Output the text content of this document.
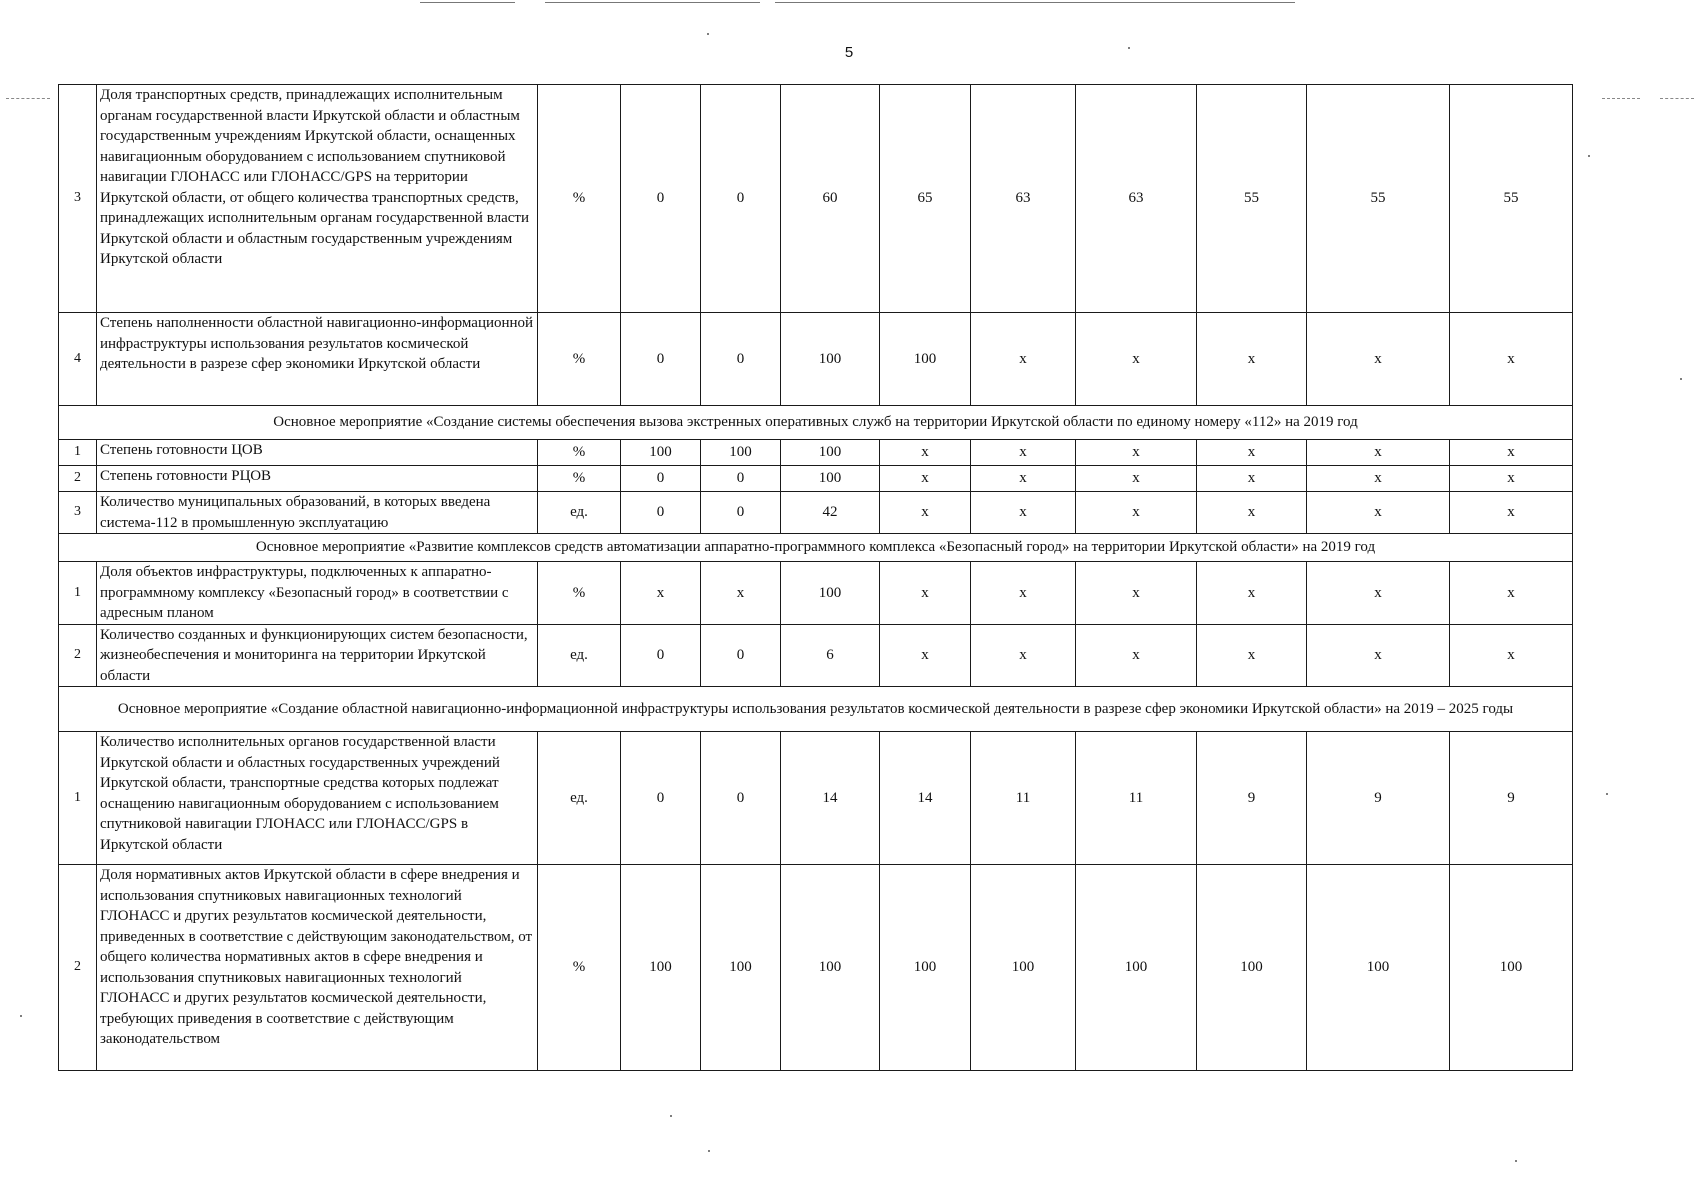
5
3	Доля транспортных средств, принадлежащих исполнительным органам государственной власти Иркутской области и областным государственным учреждениям Иркутской области, оснащенных навигационным оборудованием с использованием спутниковой навигации ГЛОНАСС или ГЛОНАСС/GPS на территории Иркутской области, от общего количества транспортных средств, принадлежащих исполнительным органам государственной власти Иркутской области и областным государственным учреждениям Иркутской области	%	0	0	60	65	63	63	55	55	55
4	Степень наполненности областной навигационно-информационной инфраструктуры использования результатов космической деятельности в разрезе сфер экономики Иркутской области	%	0	0	100	100	x	x	x	x	x
Основное мероприятие «Создание системы обеспечения вызова экстренных оперативных служб на территории Иркутской области по единому номеру «112» на 2019 год											
1	Степень готовности ЦОВ	%	100	100	100	x	x	x	x	x	x
2	Степень готовности РЦОВ	%	0	0	100	x	x	x	x	x	x
3	Количество муниципальных образований, в которых введена система-112 в промышленную эксплуатацию	ед.	0	0	42	x	x	x	x	x	x
Основное мероприятие «Развитие комплексов средств автоматизации аппаратно-программного комплекса «Безопасный город» на территории Иркутской области» на 2019 год											
1	Доля объектов инфраструктуры, подключенных к аппаратно-программному комплексу «Безопасный город» в соответствии с адресным планом	%	x	x	100	x	x	x	x	x	x
2	Количество созданных и функционирующих систем безопасности, жизнеобеспечения и мониторинга на территории Иркутской области	ед.	0	0	6	x	x	x	x	x	x
Основное мероприятие «Создание областной навигационно-информационной инфраструктуры использования результатов космической деятельности в разрезе сфер экономики Иркутской области» на 2019 – 2025 годы											
1	Количество исполнительных органов государственной власти Иркутской области и областных государственных учреждений Иркутской области, транспортные средства которых подлежат оснащению навигационным оборудованием с использованием спутниковой навигации ГЛОНАСС или ГЛОНАСС/GPS в Иркутской области	ед.	0	0	14	14	11	11	9	9	9
2	Доля нормативных актов Иркутской области в сфере внедрения и использования спутниковых навигационных технологий ГЛОНАСС и других результатов космической деятельности, приведенных в соответствие с действующим законодательством, от общего количества нормативных актов в сфере внедрения и использования спутниковых навигационных технологий ГЛОНАСС и других результатов космической деятельности, требующих приведения в соответствие с действующим законодательством	%	100	100	100	100	100	100	100	100	100
